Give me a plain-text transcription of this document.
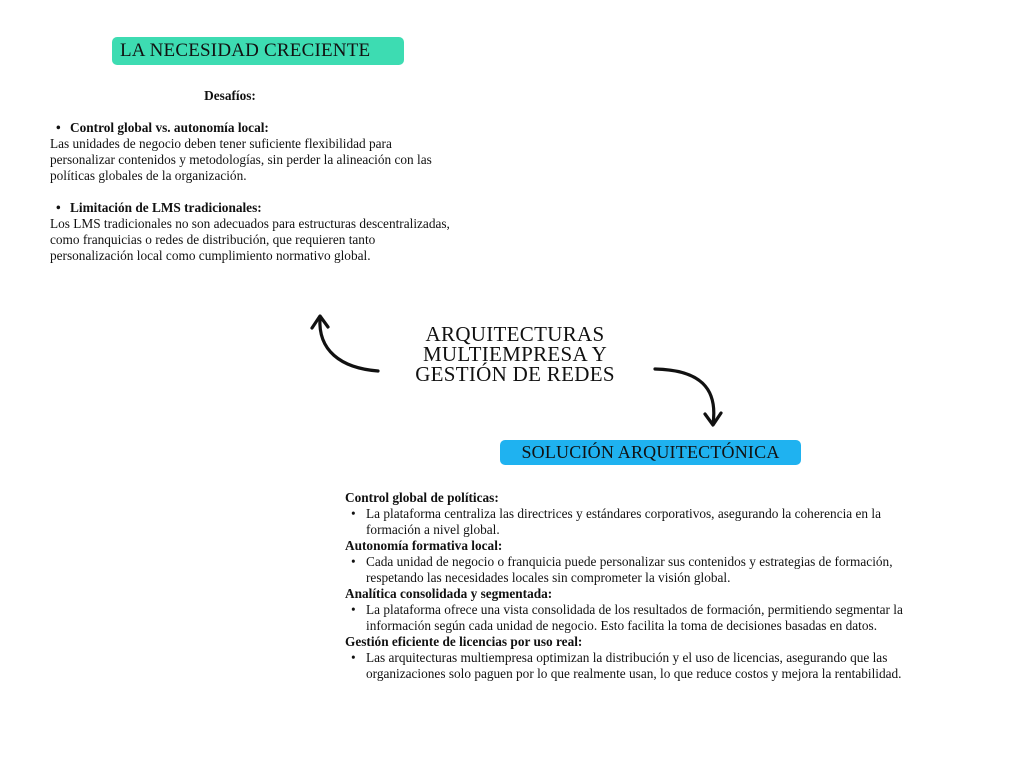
LA NECESIDAD CRECIENTE
Desafíos:
• Control global vs. autonomía local:

Las unidades de negocio deben tener suficiente flexibilidad para personalizar contenidos y metodologías, sin perder la alineación con las políticas globales de la organización.

• Limitación de LMS tradicionales:

Los LMS tradicionales no son adecuados para estructuras descentralizadas, como franquicias o redes de distribución, que requieren tanto personalización local como cumplimiento normativo global.

ARQUITECTURAS
MULTIEMPRESA Y
GESTIÓN DE REDES
SOLUCIÓN ARQUITECTÓNICA
Control global de políticas:
• La plataforma centraliza las directrices y estándares corporativos, asegurando la coherencia en la formación a nivel global.
Autonomía formativa local:
• Cada unidad de negocio o franquicia puede personalizar sus contenidos y estrategias de formación, respetando las necesidades locales sin comprometer la visión global.
Analítica consolidada y segmentada:
• La plataforma ofrece una vista consolidada de los resultados de formación, permitiendo segmentar la información según cada unidad de negocio. Esto facilita la toma de decisiones basadas en datos.
Gestión eficiente de licencias por uso real:
• Las arquitecturas multiempresa optimizan la distribución y el uso de licencias, asegurando que las organizaciones solo paguen por lo que realmente usan, lo que reduce costos y mejora la rentabilidad.
